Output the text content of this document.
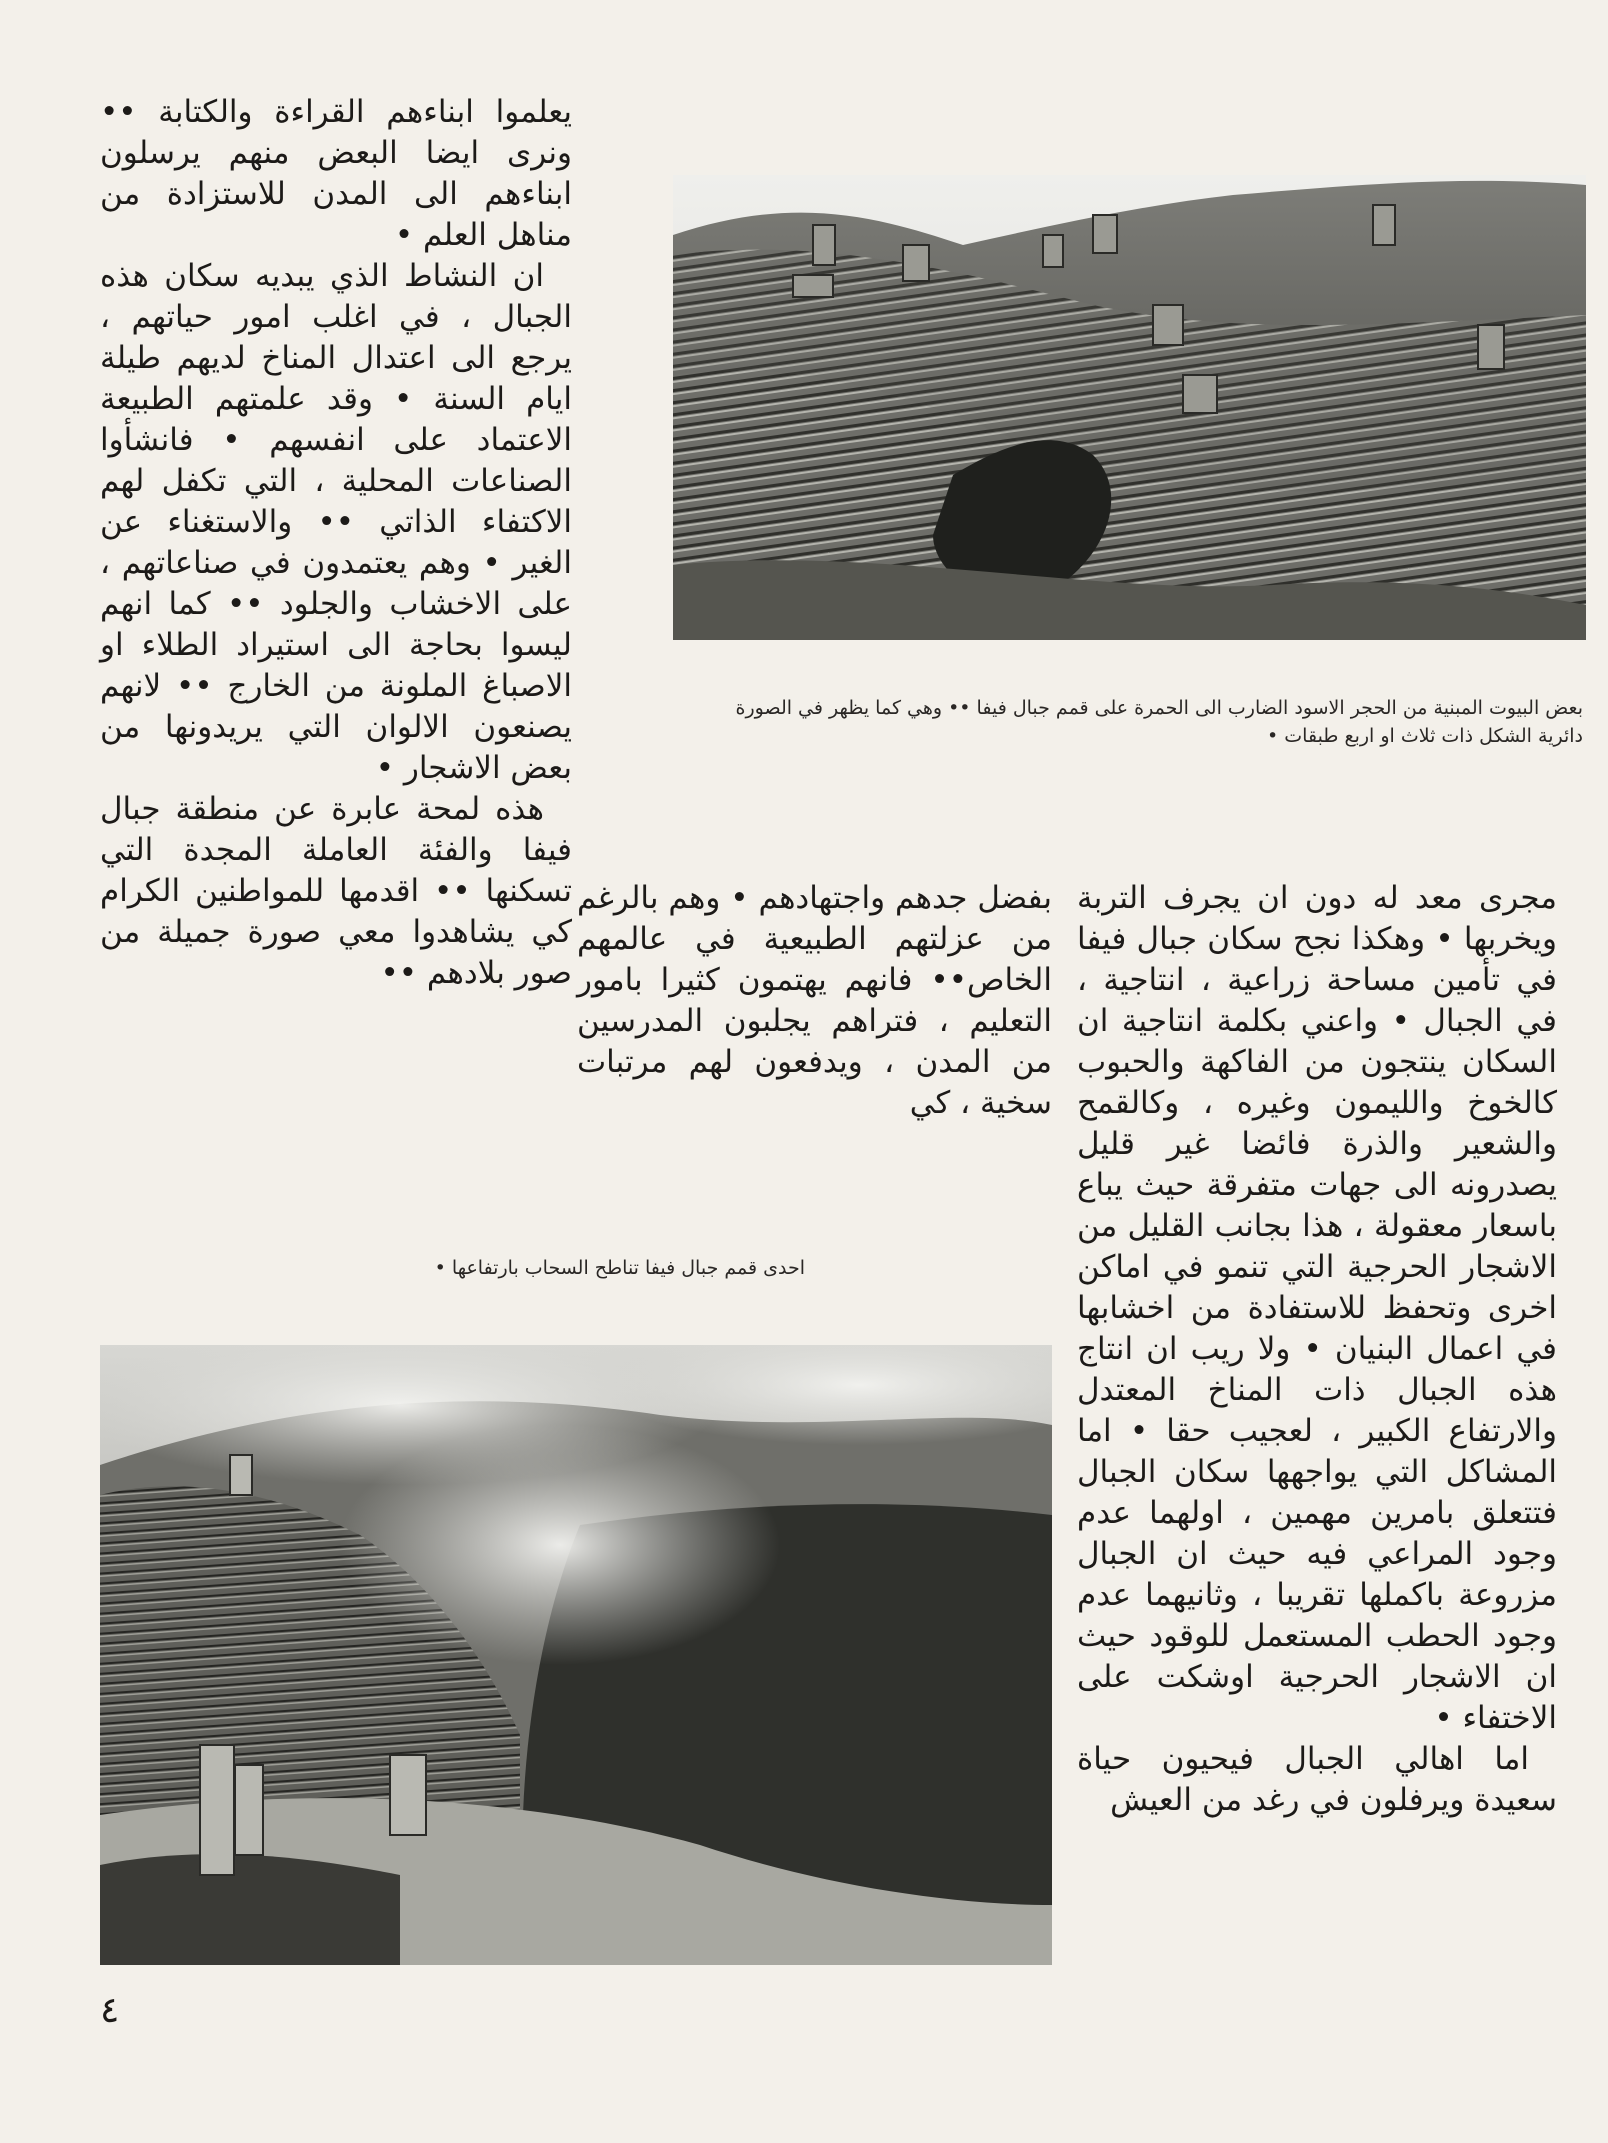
يعلموا ابناءهم القراءة والكتابة •• ونرى ايضا البعض منهم يرسلون ابناءهم الى المدن للاستزادة من مناهل العلم •

ان النشاط الذي يبديه سكان هذه الجبال ، في اغلب امور حياتهم ، يرجع الى اعتدال المناخ لديهم طيلة ايام السنة • وقد علمتهم الطبيعة الاعتماد على انفسهم • فانشأوا الصناعات المحلية ، التي تكفل لهم الاكتفاء الذاتي •• والاستغناء عن الغير • وهم يعتمدون في صناعاتهم ، على الاخشاب والجلود •• كما انهم ليسوا بحاجة الى استيراد الطلاء او الاصباغ الملونة من الخارج •• لانهم يصنعون الالوان التي يريدونها من بعض الاشجار •

هذه لمحة عابرة عن منطقة جبال فيفا والفئة العاملة المجدة التي تسكنها •• اقدمها للمواطنين الكرام كي يشاهدوا معي صورة جميلة من صور بلادهم ••

بعض البيوت المبنية من الحجر الاسود الضارب الى الحمرة على قمم جبال فيفا •• وهي كما يظهر في الصورة دائرية الشكل ذات ثلاث او اربع طبقات •

بفضل جدهم واجتهادهم • وهم بالرغم من عزلتهم الطبيعية في عالمهم الخاص•• فانهم يهتمون كثيرا بامور التعليم ، فتراهم يجلبون المدرسين من المدن ، ويدفعون لهم مرتبات سخية ، كي

مجرى معد له دون ان يجرف التربة ويخربها • وهكذا نجح سكان جبال فيفا في تأمين مساحة زراعية ، انتاجية ، في الجبال • واعني بكلمة انتاجية ان السكان ينتجون من الفاكهة والحبوب كالخوخ والليمون وغيره ، وكالقمح والشعير والذرة فائضا غير قليل يصدرونه الى جهات متفرقة حيث يباع باسعار معقولة ، هذا بجانب القليل من الاشجار الحرجية التي تنمو في اماكن اخرى وتحفظ للاستفادة من اخشابها في اعمال البنيان • ولا ريب ان انتاج هذه الجبال ذات المناخ المعتدل والارتفاع الكبير ، لعجيب حقا • اما المشاكل التي يواجهها سكان الجبال فتتعلق بامرين مهمين ، اولهما عدم وجود المراعي فيه حيث ان الجبال مزروعة باكملها تقريبا ، وثانيهما عدم وجود الحطب المستعمل للوقود حيث ان الاشجار الحرجية اوشكت على الاختفاء •

اما اهالي الجبال فيحيون حياة سعيدة ويرفلون في رغد من العيش

احدى قمم جبال فيفا تناطح السحاب بارتفاعها •
٤
